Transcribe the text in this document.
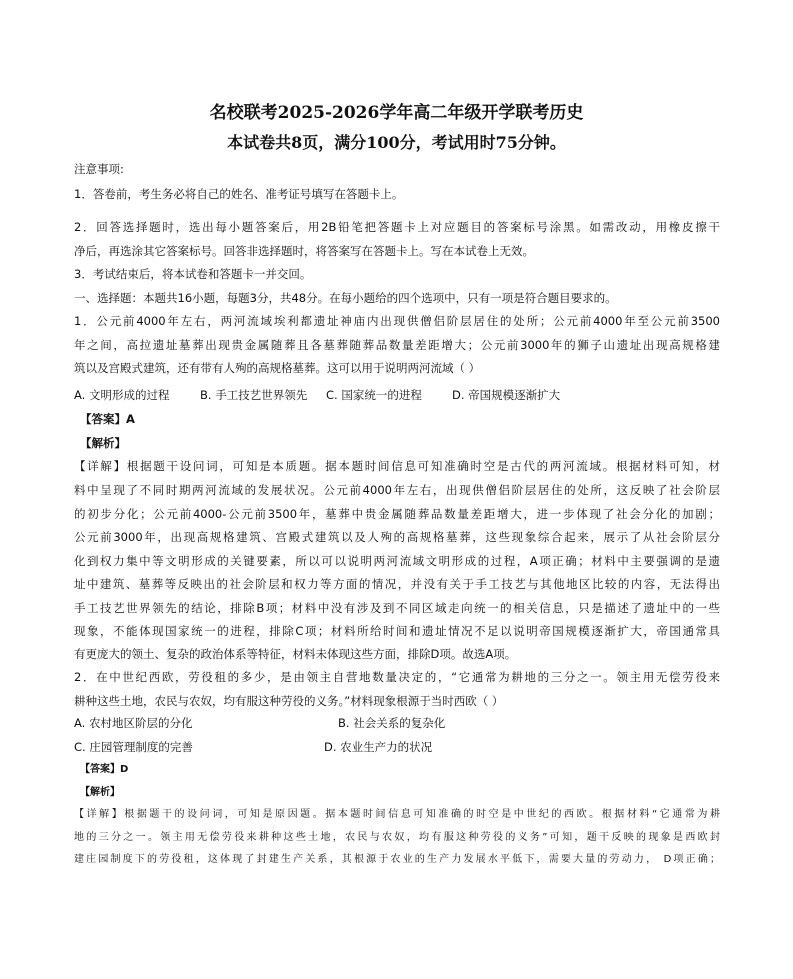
名校联考2025-2026学年高二年级开学联考历史
本试卷共8页，满分100分，考试用时75分钟。
注意事项:
1．答卷前，考生务必将自己的姓名、准考证号填写在答题卡上。
2．回答选择题时，选出每小题答案后，用2B铅笔把答题卡上对应题目的答案标号涂黑。如需改动，用橡皮擦干
净后，再选涂其它答案标号。回答非选择题时，将答案写在答题卡上。写在本试卷上无效。
3．考试结束后，将本试卷和答题卡一并交回。
一、选择题：本题共16小题，每题3分，共48分。在每小题给的四个选项中，只有一项是符合题目要求的。
1．公元前4000年左右，两河流域埃利都遗址神庙内出现供僧侣阶层居住的处所；公元前4000年至公元前3500
年之间，高拉遗址墓葬出现贵金属随葬且各墓葬随葬品数量差距增大；公元前3000年的狮子山遗址出现高规格建
筑以及宫殿式建筑，还有带有人殉的高规格墓葬。这可以用于说明两河流域（ ）
A. 文明形成的过程	B. 手工技艺世界领先 C. 国家统一的进程	D. 帝国规模逐渐扩大
【答案】A
【解析】
【详解】根据题干设问词，可知是本质题。据本题时间信息可知准确时空是古代的两河流域。根据材料可知，材
料中呈现了不同时期两河流域的发展状况。公元前4000年左右，出现供僧侣阶层居住的处所，这反映了社会阶层
的初步分化；公元前4000-公元前3500年，墓葬中贵金属随葬品数量差距增大，进一步体现了社会分化的加剧；
公元前3000年，出现高规格建筑、宫殿式建筑以及人殉的高规格墓葬，这些现象综合起来，展示了从社会阶层分
化到权力集中等文明形成的关键要素，所以可以说明两河流域文明形成的过程，A项正确；材料中主要强调的是遗
址中建筑、墓葬等反映出的社会阶层和权力等方面的情况，并没有关于手工技艺与其他地区比较的内容，无法得出
手工技艺世界领先的结论，排除B项；材料中没有涉及到不同区域走向统一的相关信息，只是描述了遗址中的一些
现象，不能体现国家统一的进程，排除C项；材料所给时间和遗址情况不足以说明帝国规模逐渐扩大，帝国通常具
有更庞大的领土、复杂的政治体系等特征，材料未体现这些方面，排除D项。故选A项。
2．在中世纪西欧，劳役租的多少，是由领主自营地数量决定的，“它通常为耕地的三分之一。领主用无偿劳役来
耕种这些土地，农民与农奴，均有服这种劳役的义务。”材料现象根源于当时西欧（ ）
A. 农村地区阶层的分化	B. 社会关系的复杂化
C. 庄园管理制度的完善	D. 农业生产力的状况
【答案】D
【解析】
【详解】根据题干的设问词，可知是原因题。据本题时间信息可知准确的时空是中世纪的西欧。根据材料“它通常为耕
地的三分之一。领主用无偿劳役来耕种这些土地，农民与农奴，均有服这种劳役的义务”可知，题干反映的现象是西欧封
建庄园制度下的劳役租，这体现了封建生产关系，其根源于农业的生产力发展水平低下，需要大量的劳动力， D项正确；
